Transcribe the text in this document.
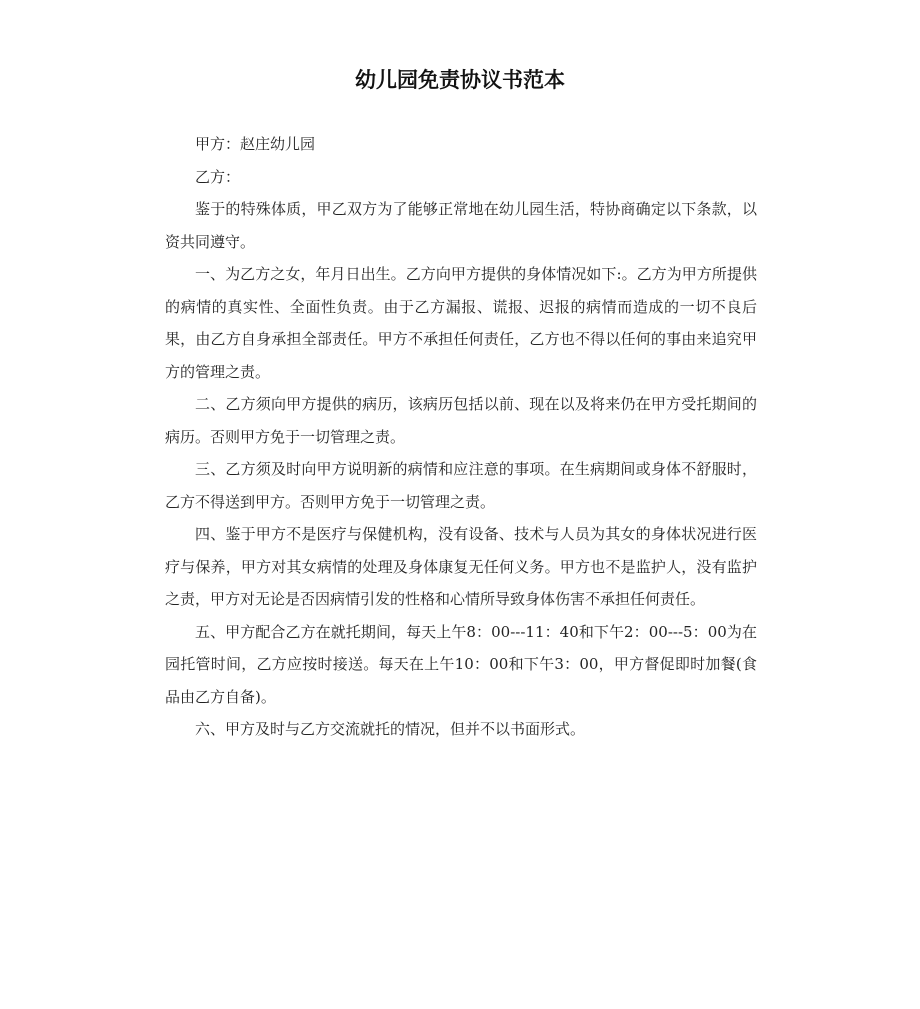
幼儿园免责协议书范本

甲方：赵庄幼儿园

乙方：

鉴于的特殊体质，甲乙双方为了能够正常地在幼儿园生活，特协商确定以下条款，以资共同遵守。

一、为乙方之女，年月日出生。乙方向甲方提供的身体情况如下:。乙方为甲方所提供的病情的真实性、全面性负责。由于乙方漏报、谎报、迟报的病情而造成的一切不良后果，由乙方自身承担全部责任。甲方不承担任何责任，乙方也不得以任何的事由来追究甲方的管理之责。

二、乙方须向甲方提供的病历，该病历包括以前、现在以及将来仍在甲方受托期间的病历。否则甲方免于一切管理之责。

三、乙方须及时向甲方说明新的病情和应注意的事项。在生病期间或身体不舒服时，乙方不得送到甲方。否则甲方免于一切管理之责。

四、鉴于甲方不是医疗与保健机构，没有设备、技术与人员为其女的身体状况进行医疗与保养，甲方对其女病情的处理及身体康复无任何义务。甲方也不是监护人，没有监护之责，甲方对无论是否因病情引发的性格和心情所导致身体伤害不承担任何责任。

五、甲方配合乙方在就托期间，每天上午8：00---11：40和下午2：00---5：00为在园托管时间，乙方应按时接送。每天在上午10：00和下午3：00，甲方督促即时加餐(食品由乙方自备)。

六、甲方及时与乙方交流就托的情况，但并不以书面形式。
